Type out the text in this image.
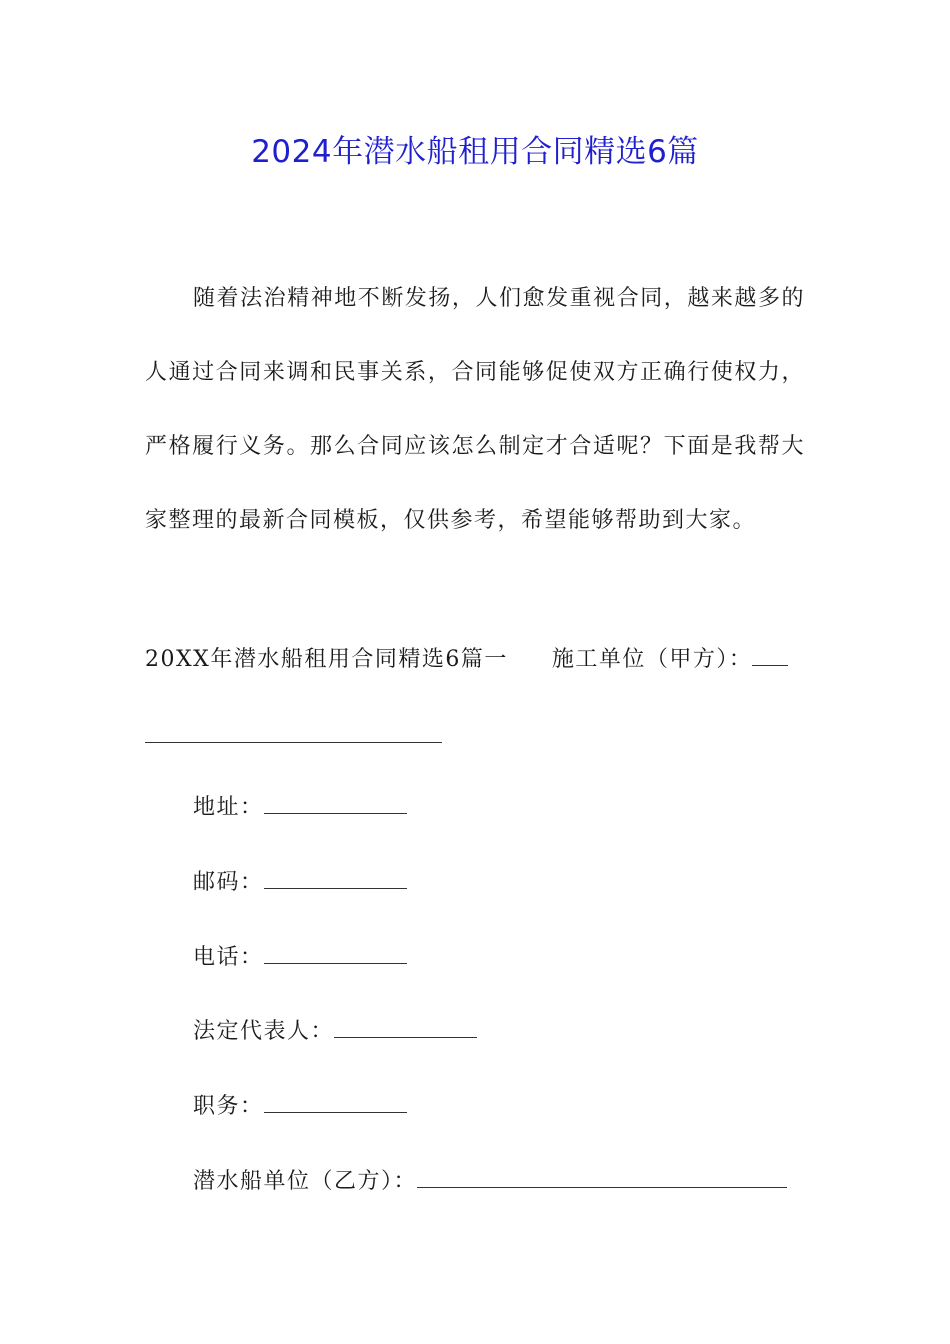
2024年潜水船租用合同精选6篇

随着法治精神地不断发扬，人们愈发重视合同，越来越多的人通过合同来调和民事关系，合同能够促使双方正确行使权力，严格履行义务。那么合同应该怎么制定才合适呢？下面是我帮大家整理的最新合同模板，仅供参考，希望能够帮助到大家。

20XX年潜水船租用合同精选6篇一 施工单位（甲方）：
地址：
邮码：
电话：
法定代表人：
职务：
潜水船单位（乙方）：
